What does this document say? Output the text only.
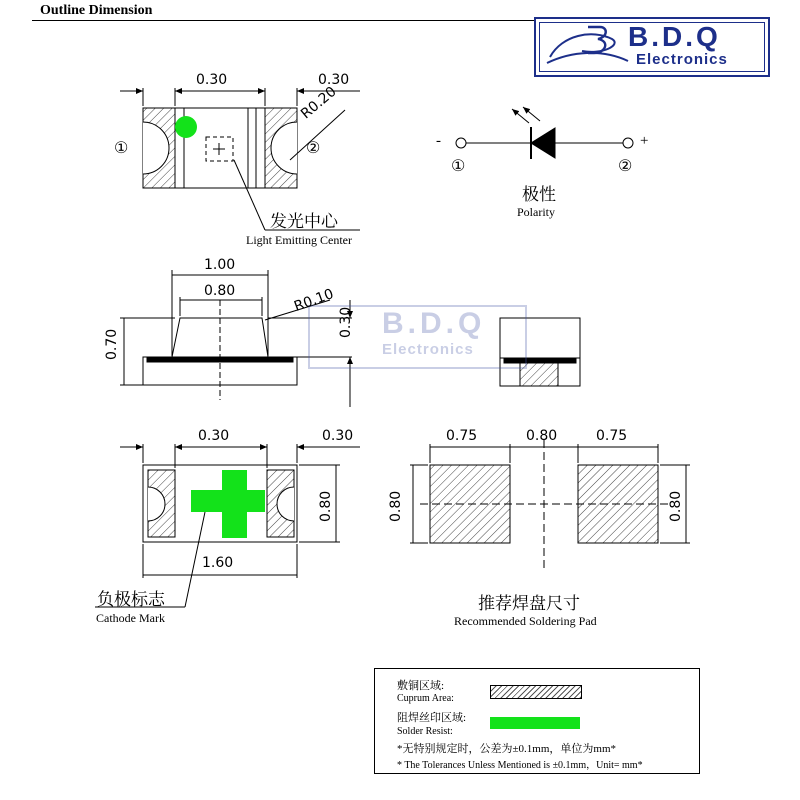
Outline Dimension
B.D.Q
Electronics
B.D.Q
Electronics
0.30	0.30
R0.20
①	②
发光中心
Light Emitting Center
-	+
①	②
极性
Polarity
1.00
0.80	R0.10
0.70
0.30
0.30	0.30
0.80
1.60
负极标志
Cathode Mark
0.75	0.80	0.75
0.80	0.80
推荐焊盘尺寸
Recommended Soldering Pad
敷铜区域:
Cuprum Area:
阻焊丝印区域:
Solder Resist:
*无特别规定时，公差为±0.1mm，单位为mm*
* The Tolerances Unless Mentioned is ±0.1mm，Unit= mm*
